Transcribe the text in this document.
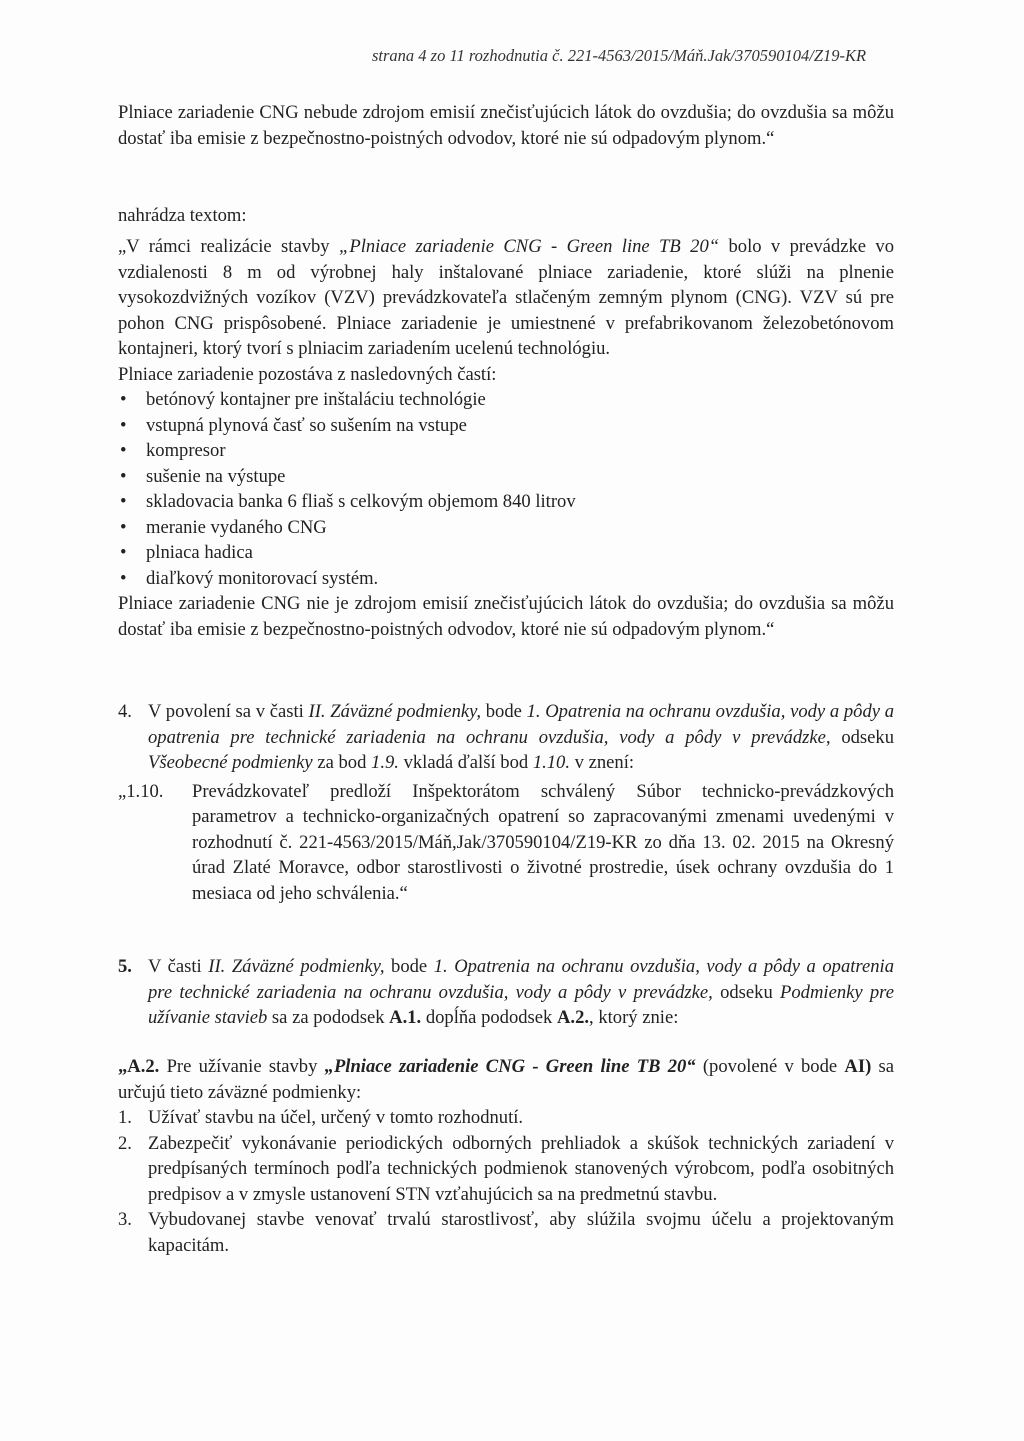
strana 4 zo 11 rozhodnutia č. 221-4563/2015/Máň.Jak/370590104/Z19-KR

Plniace zariadenie CNG nebude zdrojom emisií znečisťujúcich látok do ovzdušia; do ovzdušia sa môžu dostať iba emisie z bezpečnostno-poistných odvodov, ktoré nie sú odpadovým plynom.“

nahrádza textom:

„V rámci realizácie stavby „Plniace zariadenie CNG - Green line TB 20“ bolo v prevádzke vo vzdialenosti 8 m od výrobnej haly inštalované plniace zariadenie, ktoré slúži na plnenie vysokozdvižných vozíkov (VZV) prevádzkovateľa stlačeným zemným plynom (CNG). VZV sú pre pohon CNG prispôsobené. Plniace zariadenie je umiestnené v prefabrikovanom železobetónovom kontajneri, ktorý tvorí s plniacim zariadením ucelenú technológiu.

Plniace zariadenie pozostáva z nasledovných častí:

• betónový kontajner pre inštaláciu technológie
• vstupná plynová časť so sušením na vstupe
• kompresor
• sušenie na výstupe
• skladovacia banka 6 fliaš s celkovým objemom 840 litrov
• meranie vydaného CNG
• plniaca hadica
• diaľkový monitorovací systém.

Plniace zariadenie CNG nie je zdrojom emisií znečisťujúcich látok do ovzdušia; do ovzdušia sa môžu dostať iba emisie z bezpečnostno-poistných odvodov, ktoré nie sú odpadovým plynom.“

4. V povolení sa v časti II. Záväzné podmienky, bode 1. Opatrenia na ochranu ovzdušia, vody a pôdy a opatrenia pre technické zariadenia na ochranu ovzdušia, vody a pôdy v prevádzke, odseku Všeobecné podmienky za bod 1.9. vkladá ďalší bod 1.10. v znení:
„1.10.	Prevádzkovateľ predloží Inšpektorátom schválený Súbor technicko-prevádzkových parametrov a technicko-organizačných opatrení so zapracovanými zmenami uvedenými v rozhodnutí č. 221-4563/2015/Máň,Jak/370590104/Z19-KR zo dňa 13. 02. 2015 na Okresný úrad Zlaté Moravce, odbor starostlivosti o životné prostredie, úsek ochrany ovzdušia do 1 mesiaca od jeho schválenia.“
5. V časti II. Záväzné podmienky, bode 1. Opatrenia na ochranu ovzdušia, vody a pôdy a opatrenia pre technické zariadenia na ochranu ovzdušia, vody a pôdy v prevádzke, odseku Podmienky pre užívanie stavieb sa za pododsek A.1. dopĺňa pododsek A.2., ktorý znie:

„A.2. Pre užívanie stavby „Plniace zariadenie CNG - Green line TB 20“ (povolené v bode AI) sa určujú tieto záväzné podmienky:

1. Užívať stavbu na účel, určený v tomto rozhodnutí.
2. Zabezpečiť vykonávanie periodických odborných prehliadok a skúšok technických zariadení v predpísaných termínoch podľa technických podmienok stanovených výrobcom, podľa osobitných predpisov a v zmysle ustanovení STN vzťahujúcich sa na predmetnú stavbu.
3. Vybudovanej stavbe venovať trvalú starostlivosť, aby slúžila svojmu účelu a projektovaným kapacitám.
